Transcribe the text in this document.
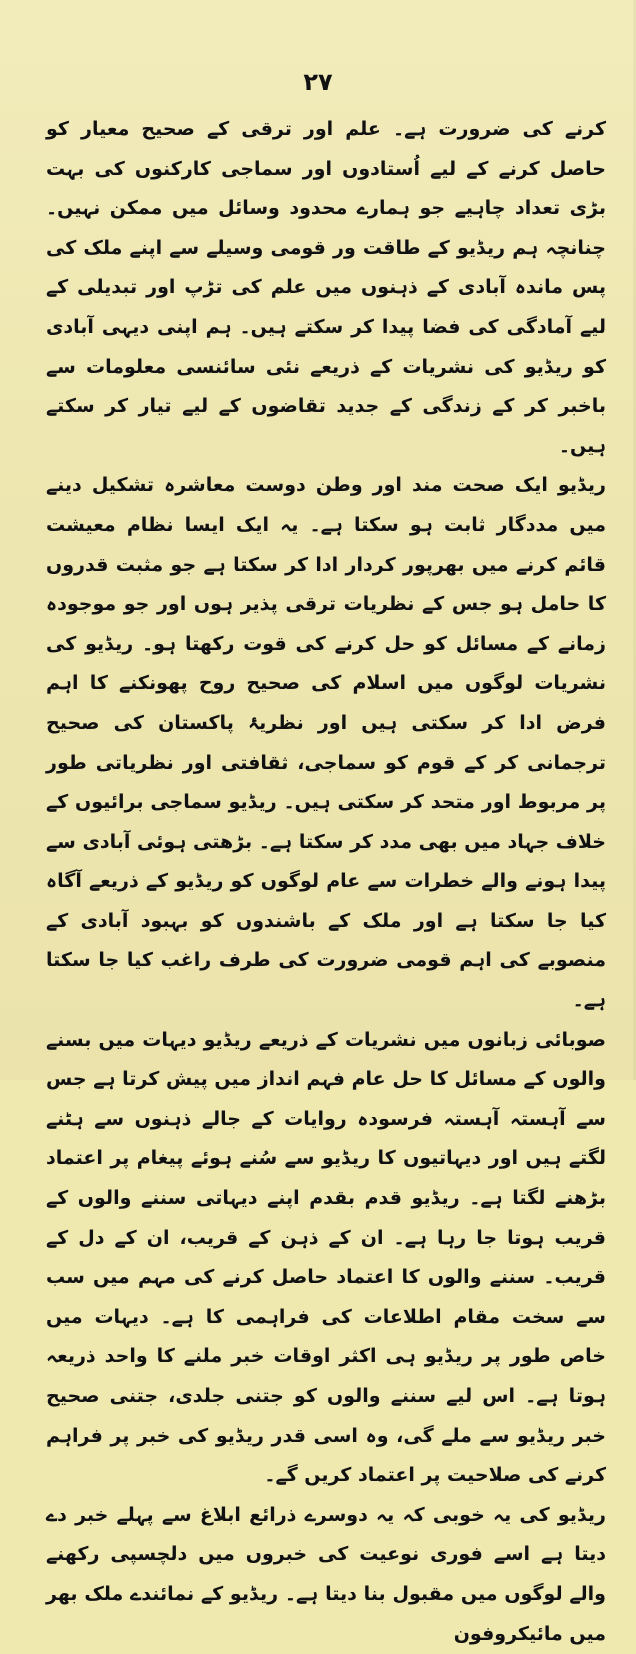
۲۷

کرنے کی ضرورت ہے۔ علم اور ترقی کے صحیح معیار کو حاصل کرنے کے لیے اُستادوں اور سماجی کارکنوں کی بہت بڑی تعداد چاہیے جو ہمارے محدود وسائل میں ممکن نہیں۔ چنانچہ ہم ریڈیو کے طاقت ور قومی وسیلے سے اپنے ملک کی پس ماندہ آبادی کے ذہنوں میں علم کی تڑپ اور تبدیلی کے لیے آمادگی کی فضا پیدا کر سکتے ہیں۔ ہم اپنی دیہی آبادی کو ریڈیو کی نشریات کے ذریعے نئی سائنسی معلومات سے باخبر کر کے زندگی کے جدید تقاضوں کے لیے تیار کر سکتے ہیں۔

ریڈیو ایک صحت مند اور وطن دوست معاشرہ تشکیل دینے میں مددگار ثابت ہو سکتا ہے۔ یہ ایک ایسا نظام معیشت قائم کرنے میں بھرپور کردار ادا کر سکتا ہے جو مثبت قدروں کا حامل ہو جس کے نظریات ترقی پذیر ہوں اور جو موجودہ زمانے کے مسائل کو حل کرنے کی قوت رکھتا ہو۔ ریڈیو کی نشریات لوگوں میں اسلام کی صحیح روح پھونکنے کا اہم فرض ادا کر سکتی ہیں اور نظریۂ پاکستان کی صحیح ترجمانی کر کے قوم کو سماجی، ثقافتی اور نظریاتی طور پر مربوط اور متحد کر سکتی ہیں۔ ریڈیو سماجی برائیوں کے خلاف جہاد میں بھی مدد کر سکتا ہے۔ بڑھتی ہوئی آبادی سے پیدا ہونے والے خطرات سے عام لوگوں کو ریڈیو کے ذریعے آگاہ کیا جا سکتا ہے اور ملک کے باشندوں کو بہبود آبادی کے منصوبے کی اہم قومی ضرورت کی طرف راغب کیا جا سکتا ہے۔

صوبائی زبانوں میں نشریات کے ذریعے ریڈیو دیہات میں بسنے والوں کے مسائل کا حل عام فہم انداز میں پیش کرتا ہے جس سے آہستہ آہستہ فرسودہ روایات کے جالے ذہنوں سے ہٹنے لگتے ہیں اور دیہاتیوں کا ریڈیو سے سُنے ہوئے پیغام پر اعتماد بڑھنے لگتا ہے۔ ریڈیو قدم بقدم اپنے دیہاتی سننے والوں کے قریب ہوتا جا رہا ہے۔ ان کے ذہن کے قریب، ان کے دل کے قریب۔ سننے والوں کا اعتماد حاصل کرنے کی مہم میں سب سے سخت مقام اطلاعات کی فراہمی کا ہے۔ دیہات میں خاص طور پر ریڈیو ہی اکثر اوقات خبر ملنے کا واحد ذریعہ ہوتا ہے۔ اس لیے سننے والوں کو جتنی جلدی، جتنی صحیح خبر ریڈیو سے ملے گی، وہ اسی قدر ریڈیو کی خبر پر فراہم کرنے کی صلاحیت پر اعتماد کریں گے۔

ریڈیو کی یہ خوبی کہ یہ دوسرے ذرائع ابلاغ سے پہلے خبر دے دیتا ہے اسے فوری نوعیت کی خبروں میں دلچسپی رکھنے والے لوگوں میں مقبول بنا دیتا ہے۔ ریڈیو کے نمائندے ملک بھر میں مائیکروفون
